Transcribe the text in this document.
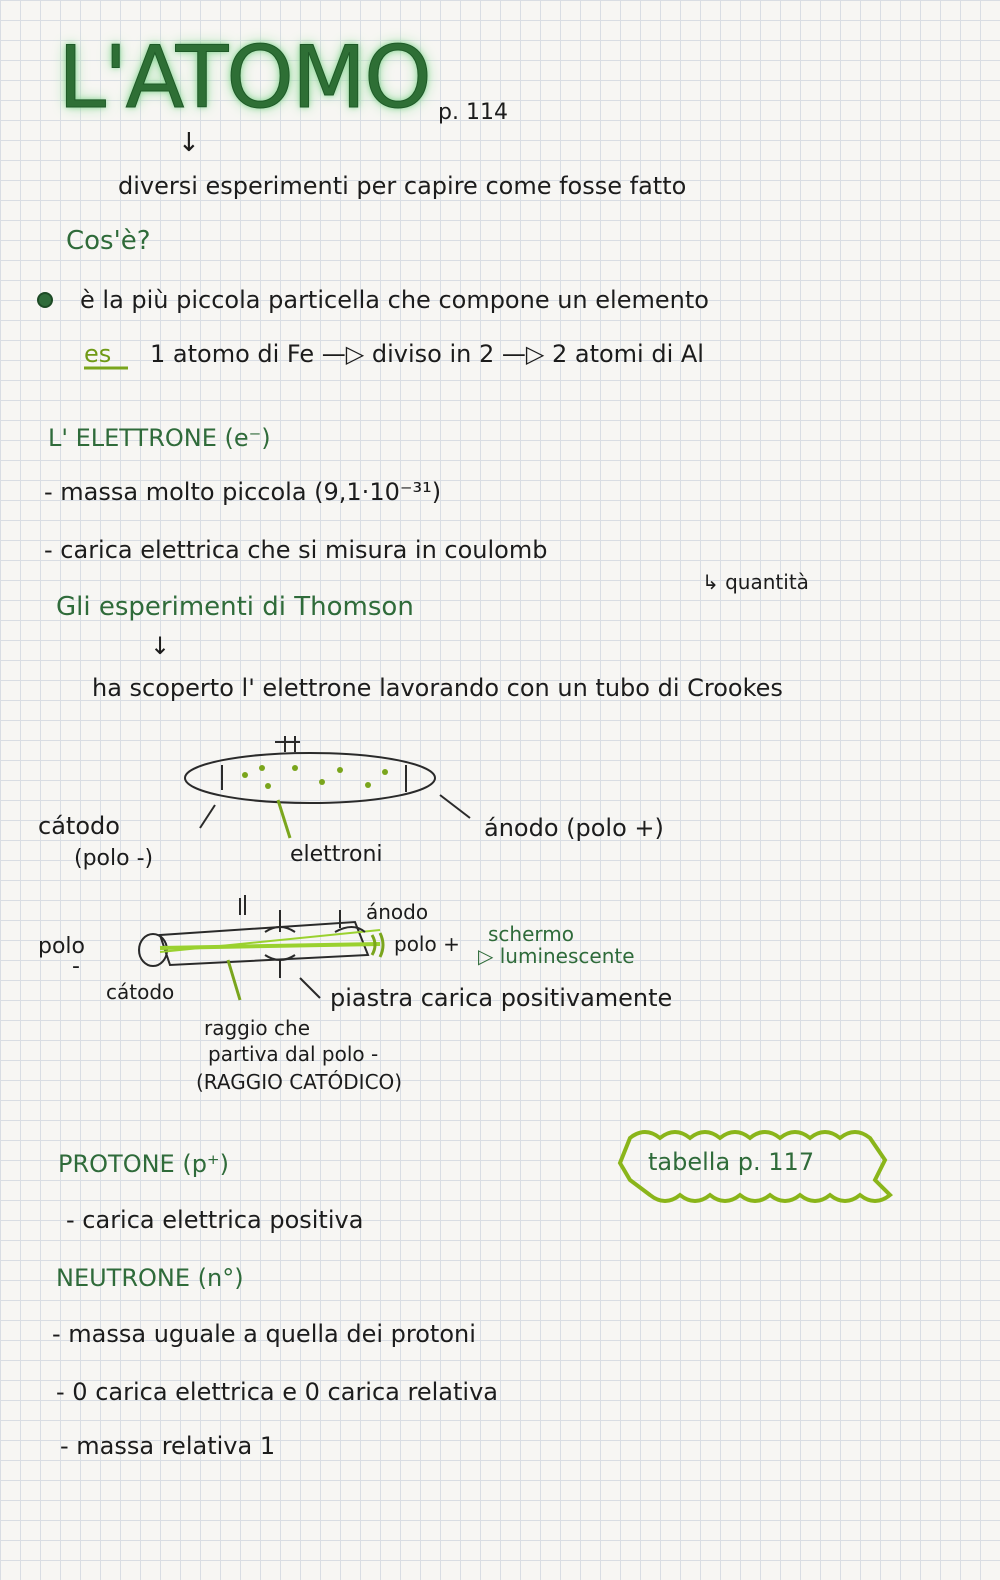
L'ATOMO p. 114
↓
diversi esperimenti per capire come fosse fatto
Cos'è?
è la più piccola particella che compone un elemento
es 1 atomo di Fe —▷ diviso in 2 —▷ 2 atomi di Al
L' ELETTRONE (e⁻)
- massa molto piccola (9,1·10⁻³¹)
- carica elettrica che si misura in coulomb
↳ quantità
Gli esperimenti di Thomson
↓
ha scoperto l' elettrone lavorando con un tubo di Crookes
cátodo
(polo -)	elettroni
ánodo (polo +)
polo
-
cátodo
ánodo
polo + schermo
▷ luminescente
piastra carica positivamente
raggio che
partiva dal polo -
(RAGGIO CATÓDICO)
PROTONE (p⁺)
- carica elettrica positiva
tabella p. 117
NEUTRONE (n°)
- massa uguale a quella dei protoni
- 0 carica elettrica e 0 carica relativa
- massa relativa 1
